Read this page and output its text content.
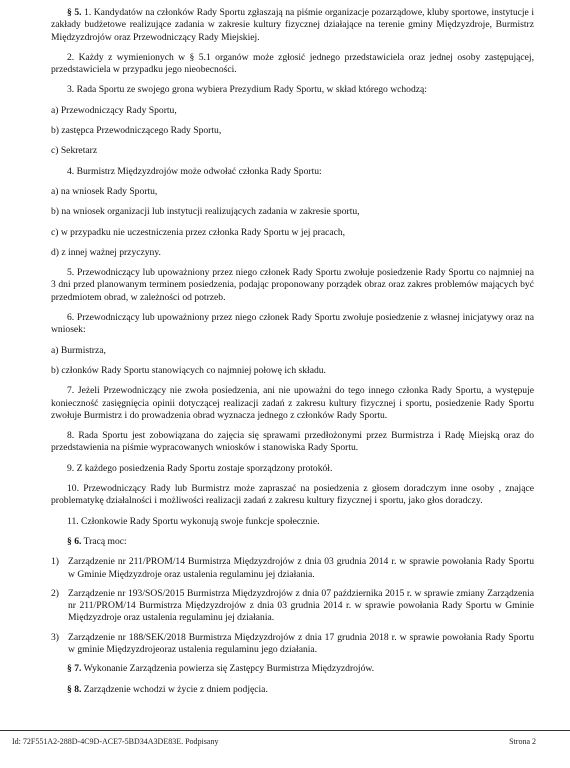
§ 5. 1. Kandydatów na członków Rady Sportu zgłaszają na piśmie organizacje pozarządowe, kluby sportowe, instytucje i zakłady budżetowe realizujące zadania w zakresie kultury fizycznej działające na terenie gminy Międzyzdroje, Burmistrz Międzyzdrojów oraz Przewodniczący Rady Miejskiej.

2. Każdy z wymienionych w § 5.1 organów może zgłosić jednego przedstawiciela oraz jednej osoby zastępującej, przedstawiciela w przypadku jego nieobecności.

3. Rada Sportu ze swojego grona wybiera Prezydium Rady Sportu, w skład którego wchodzą:

a) Przewodniczący Rady Sportu,

b) zastępca Przewodniczącego Rady Sportu,

c) Sekretarz

4. Burmistrz Międzyzdrojów może odwołać członka Rady Sportu:

a) na wniosek Rady Sportu,

b) na wniosek organizacji lub instytucji realizujących zadania w zakresie sportu,

c) w przypadku nie uczestniczenia przez członka Rady Sportu w jej pracach,

d) z innej ważnej przyczyny.

5. Przewodniczący lub upoważniony przez niego członek Rady Sportu zwołuje posiedzenie Rady Sportu co najmniej na 3 dni przed planowanym terminem posiedzenia, podając proponowany porządek obraz oraz zakres problemów mających być przedmiotem obrad, w zależności od potrzeb.

6. Przewodniczący lub upoważniony przez niego członek Rady Sportu zwołuje posiedzenie z własnej inicjatywy oraz na wniosek:

a) Burmistrza,

b) członków Rady Sportu stanowiących co najmniej połowę ich składu.

7. Jeżeli Przewodniczący nie zwoła posiedzenia, ani nie upoważni do tego innego członka Rady Sportu, a występuje konieczność zasięgnięcia opinii dotyczącej realizacji zadań z zakresu kultury fizycznej i sportu, posiedzenie Rady Sportu zwołuje Burmistrz i do prowadzenia obrad wyznacza jednego z członków Rady Sportu.

8. Rada Sportu jest zobowiązana do zajęcia się sprawami przedłożonymi przez Burmistrza i Radę Miejską oraz do przedstawienia na piśmie wypracowanych wniosków i stanowiska Rady Sportu.

9. Z każdego posiedzenia Rady Sportu zostaje sporządzony protokół.

10. Przewodniczący Rady lub Burmistrz może zapraszać na posiedzenia z głosem doradczym inne osoby , znające problematykę działalności i możliwości realizacji zadań z zakresu kultury fizycznej i sportu, jako głos doradczy.

11. Członkowie Rady Sportu wykonują swoje funkcje społecznie.

§ 6. Tracą moc:

1) Zarządzenie nr 211/PROM/14 Burmistrza Międzyzdrojów z dnia 03 grudnia 2014 r. w sprawie powołania Rady Sportu w Gminie Międzyzdroje oraz ustalenia regulaminu jej działania.
2) Zarządzenie nr 193/SOS/2015 Burmistrza Międzyzdrojów z dnia 07 października 2015 r. w sprawie zmiany Zarządzenia nr 211/PROM/14 Burmistrza Międzyzdrojów z dnia 03 grudnia 2014 r. w sprawie powołania Rady Sportu w Gminie Międzyzdroje oraz ustalenia regulaminu jej działania.
3) Zarządzenie nr 188/SEK/2018 Burmistrza Międzyzdrojów z dnia 17 grudnia 2018 r. w sprawie powołania Rady Sportu w gminie Międzyzdrojeoraz ustalenia regulaminu jego działania.

§ 7. Wykonanie Zarządzenia powierza się Zastępcy Burmistrza Międzyzdrojów.

§ 8. Zarządzenie wchodzi w życie z dniem podjęcia.

Id: 72F551A2-288D-4C9D-ACE7-5BD34A3DE83E. Podpisany	Strona 2
